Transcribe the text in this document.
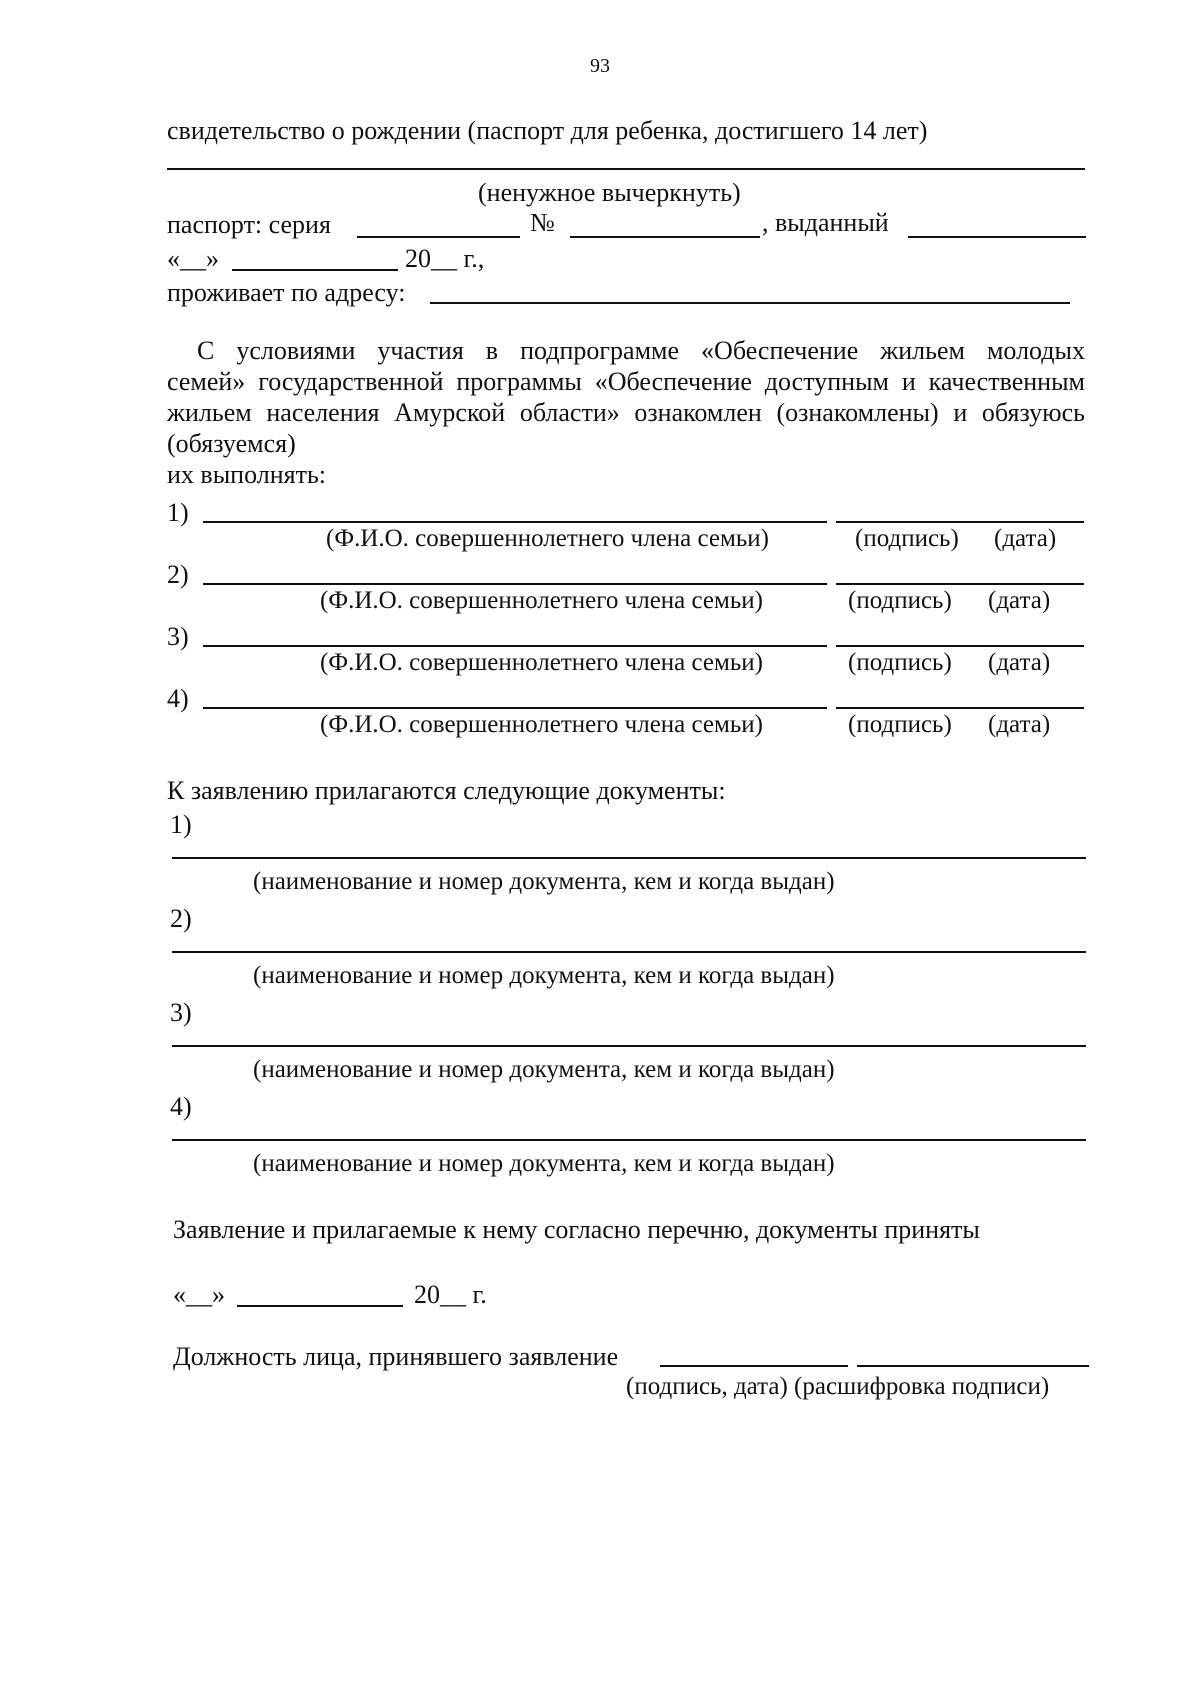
93
свидетельство о рождении (паспорт для ребенка, достигшего 14 лет)
(ненужное вычеркнуть)
паспорт: серия	№	, выданный
«__»	20__ г.,
проживает по адресу:
С условиями участия в подпрограмме «Обеспечение жильем молодых
семей» государственной программы «Обеспечение доступным и качественным
жильем населения Амурской области» ознакомлен (ознакомлены) и обязуюсь
(обязуемся)
их выполнять:
1)
(Ф.И.О. совершеннолетнего члена семьи)	(подпись) (дата)
2)
(Ф.И.О. совершеннолетнего члена семьи)	(подпись) (дата)
3)
(Ф.И.О. совершеннолетнего члена семьи)	(подпись) (дата)
4)
(Ф.И.О. совершеннолетнего члена семьи)	(подпись) (дата)
К заявлению прилагаются следующие документы:
1)
(наименование и номер документа, кем и когда выдан)
2)
(наименование и номер документа, кем и когда выдан)
3)
(наименование и номер документа, кем и когда выдан)
4)
(наименование и номер документа, кем и когда выдан)
Заявление и прилагаемые к нему согласно перечню, документы приняты
«__»	20__ г.
Должность лица, принявшего заявление
(подпись, дата) (расшифровка подписи)
